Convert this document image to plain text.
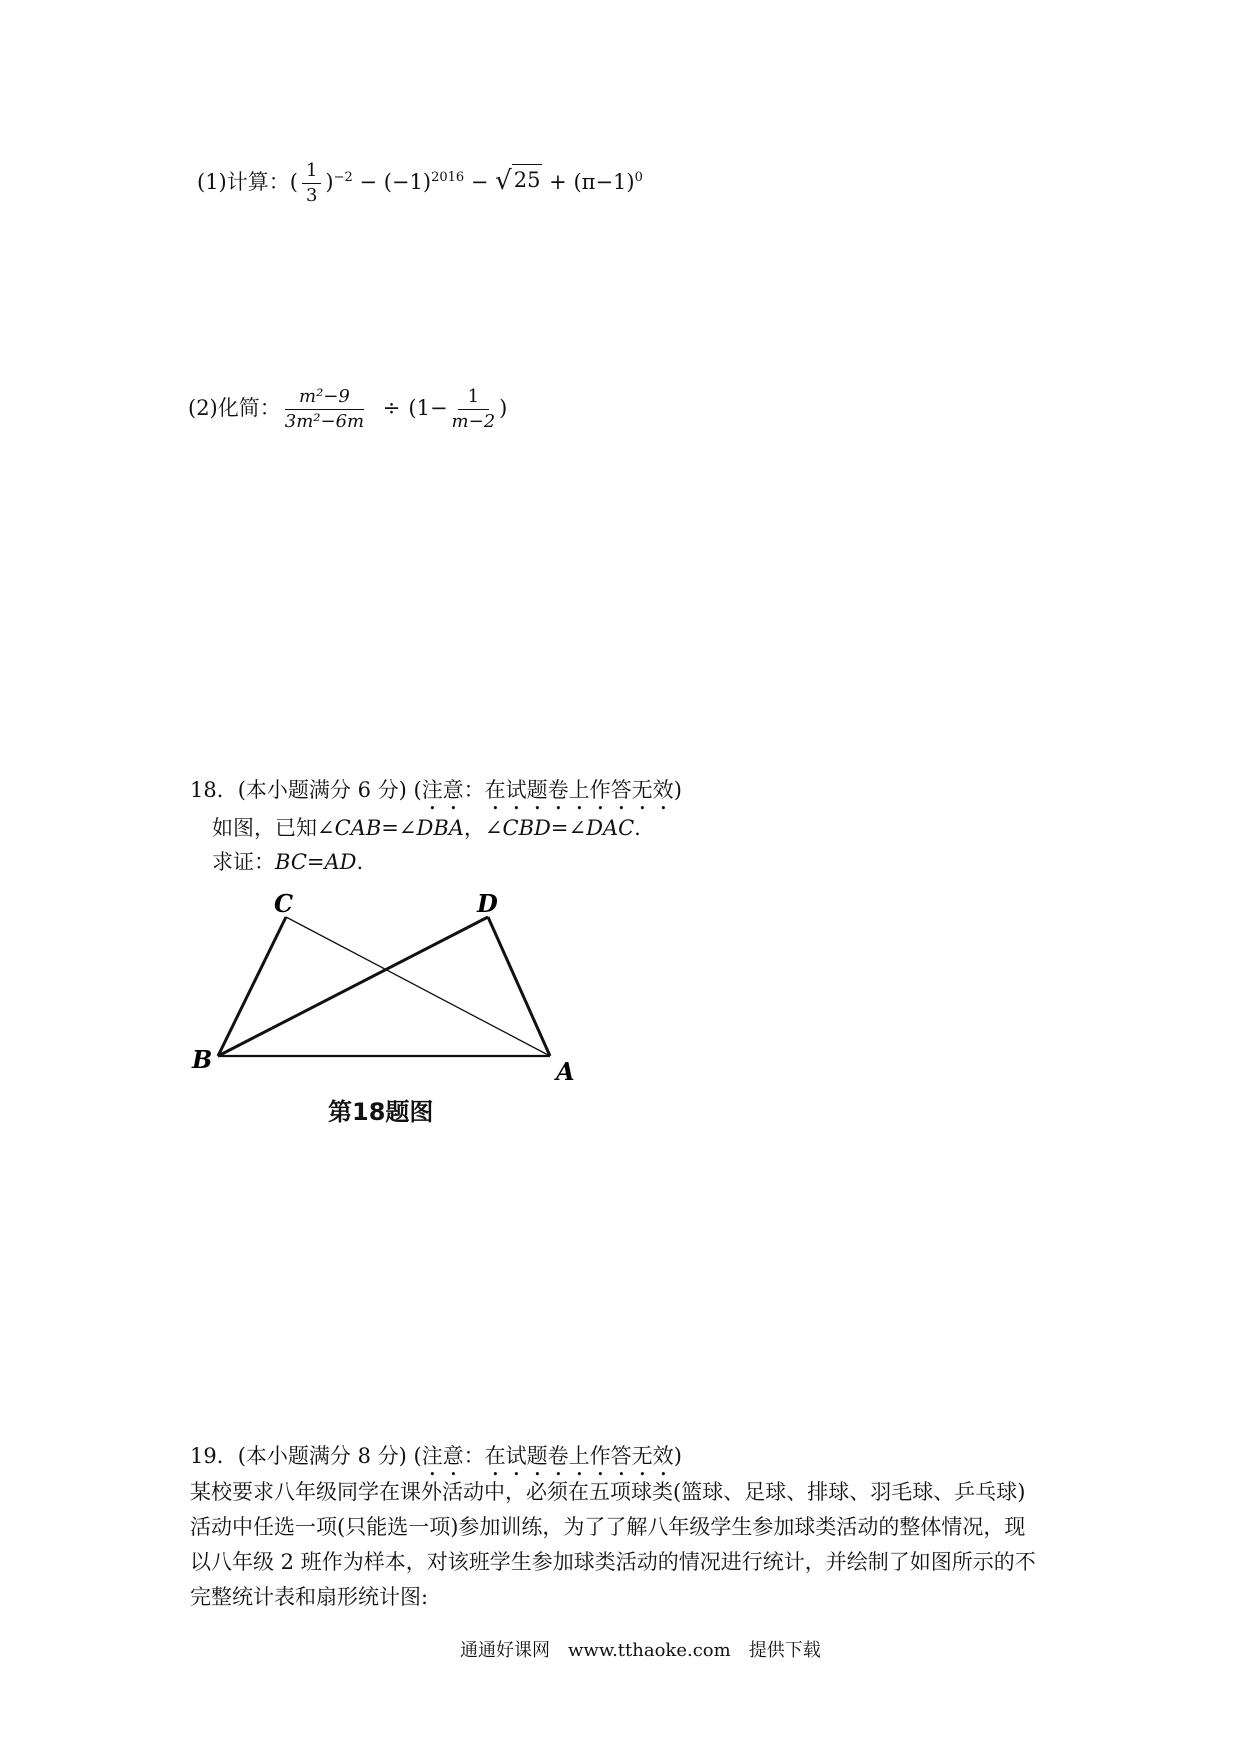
(1)计算：( $\frac{1}{3} )^{-2} - (-1)^{2016}$ − √ $25 + (\pi-1)^0$
(2)化简： $\frac{\text{m²−9}}{\text{3m²−6m}} \div (1- \frac{1}{m-2}$ )
18．(本小题满分 6 分) (注意：在试题卷上作答无效)
如图，已知∠CAB=∠DBA，∠CBD=∠DAC.
求证：BC=AD.
C	D
B	A
第18题图
19．(本小题满分 8 分) (注意：在试题卷上作答无效)
某校要求八年级同学在课外活动中，必须在五项球类(篮球、足球、排球、羽毛球、乒乓球)
活动中任选一项(只能选一项)参加训练，为了了解八年级学生参加球类活动的整体情况，现
以八年级 2 班作为样本，对该班学生参加球类活动的情况进行统计，并绘制了如图所示的不
完整统计表和扇形统计图:
通通好课网　www.tthaoke.com　提供下载
